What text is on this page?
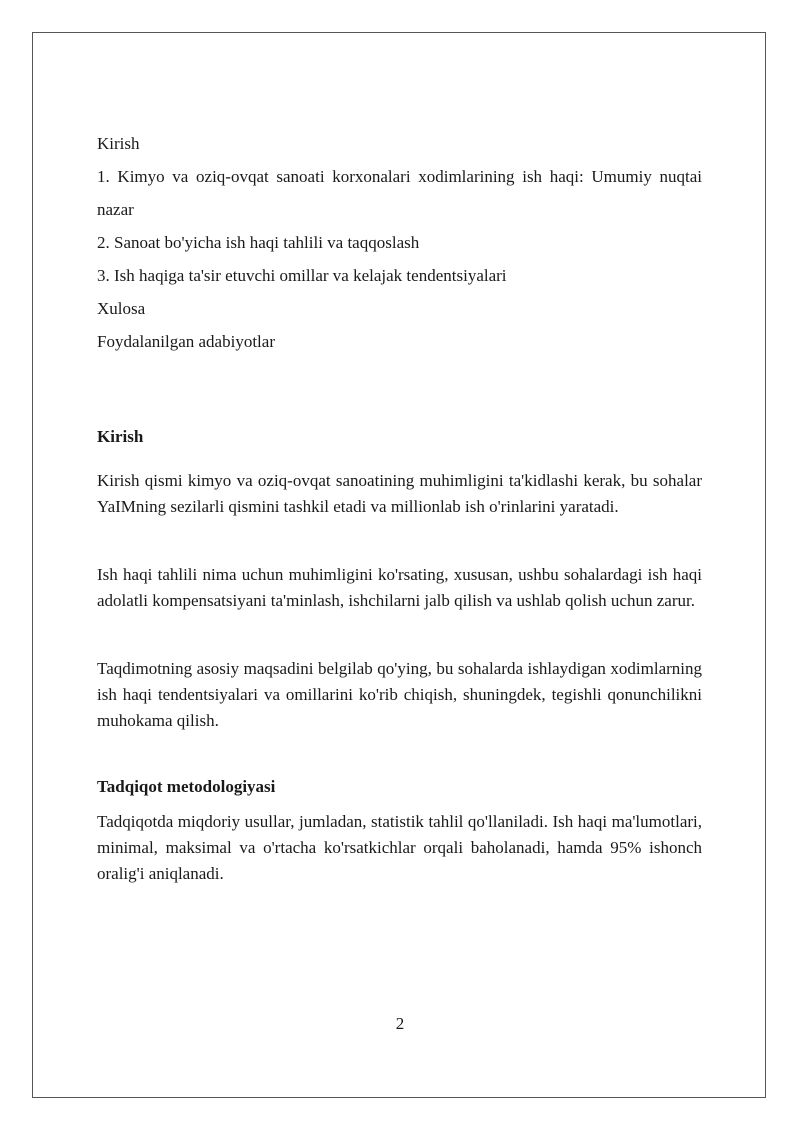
Kirish

1. Kimyo va oziq-ovqat sanoati korxonalari xodimlarining ish haqi: Umumiy nuqtai nazar

2. Sanoat bo'yicha ish haqi tahlili va taqqoslash

3. Ish haqiga ta'sir etuvchi omillar va kelajak tendentsiyalari

Xulosa

Foydalanilgan adabiyotlar

Kirish

Kirish qismi kimyo va oziq-ovqat sanoatining muhimligini ta'kidlashi kerak, bu sohalar YaIMning sezilarli qismini tashkil etadi va millionlab ish o'rinlarini yaratadi.

Ish haqi tahlili nima uchun muhimligini ko'rsating, xususan, ushbu sohalardagi ish haqi adolatli kompensatsiyani ta'minlash, ishchilarni jalb qilish va ushlab qolish uchun zarur.

Taqdimotning asosiy maqsadini belgilab qo'ying, bu sohalarda ishlaydigan xodimlarning ish haqi tendentsiyalari va omillarini ko'rib chiqish, shuningdek, tegishli qonunchilikni muhokama qilish.

Tadqiqot metodologiyasi

Tadqiqotda miqdoriy usullar, jumladan, statistik tahlil qo'llaniladi. Ish haqi ma'lumotlari, minimal, maksimal va o'rtacha ko'rsatkichlar orqali baholanadi, hamda 95% ishonch oralig'i aniqlanadi.

2
